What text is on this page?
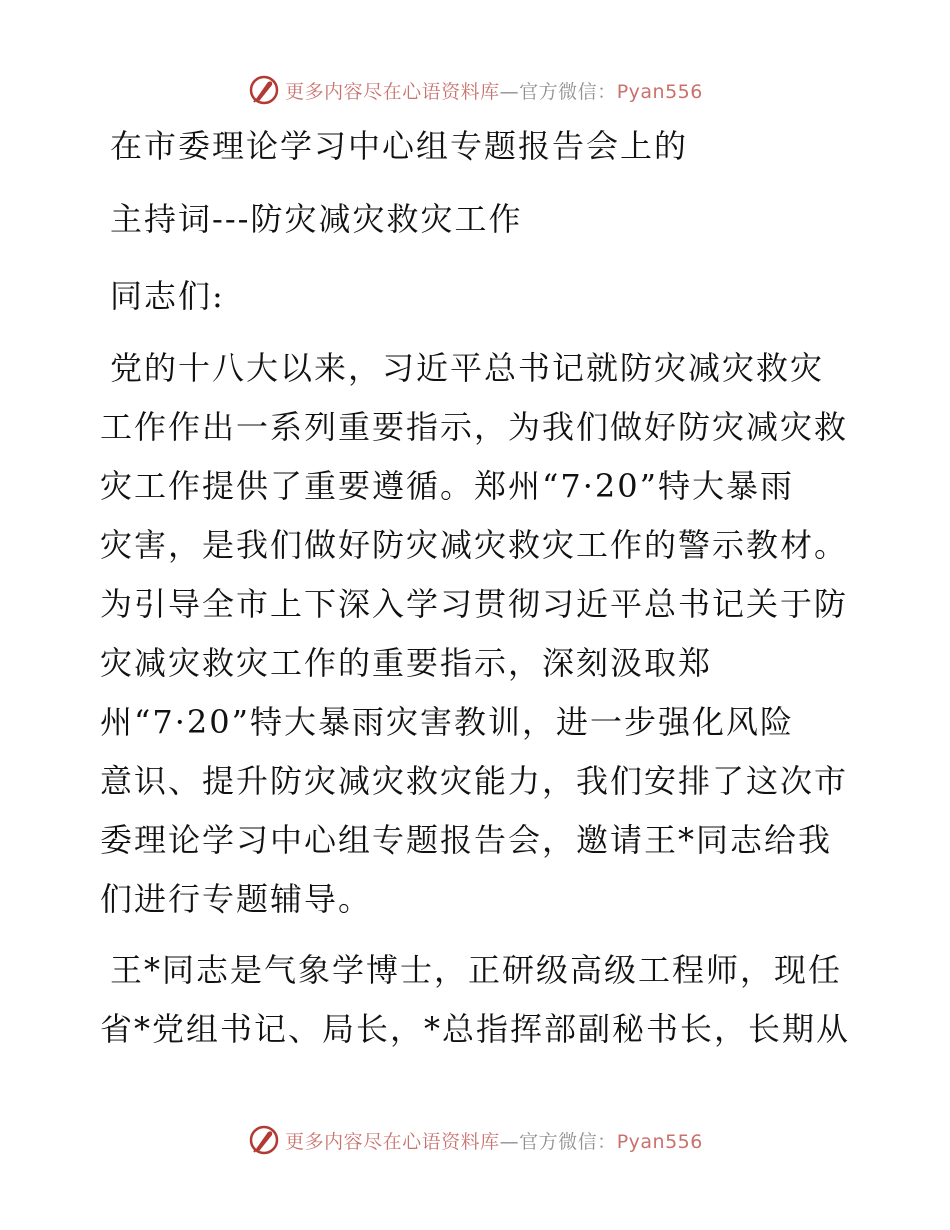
更多内容尽在心语资料库—官方微信：Pyan556

在市委理论学习中心组专题报告会上的

主持词---防灾减灾救灾工作

同志们:

党的十八大以来，习近平总书记就防灾减灾救灾

工作作出一系列重要指示，为我们做好防灾减灾救

灾工作提供了重要遵循。郑州“7·20”特大暴雨

灾害，是我们做好防灾减灾救灾工作的警示教材。

为引导全市上下深入学习贯彻习近平总书记关于防

灾减灾救灾工作的重要指示，深刻汲取郑

州“7·20”特大暴雨灾害教训，进一步强化风险

意识、提升防灾减灾救灾能力，我们安排了这次市

委理论学习中心组专题报告会，邀请王*同志给我

们进行专题辅导。

王*同志是气象学博士，正研级高级工程师，现任

省*党组书记、局长，*总指挥部副秘书长，长期从

更多内容尽在心语资料库—官方微信：Pyan556
